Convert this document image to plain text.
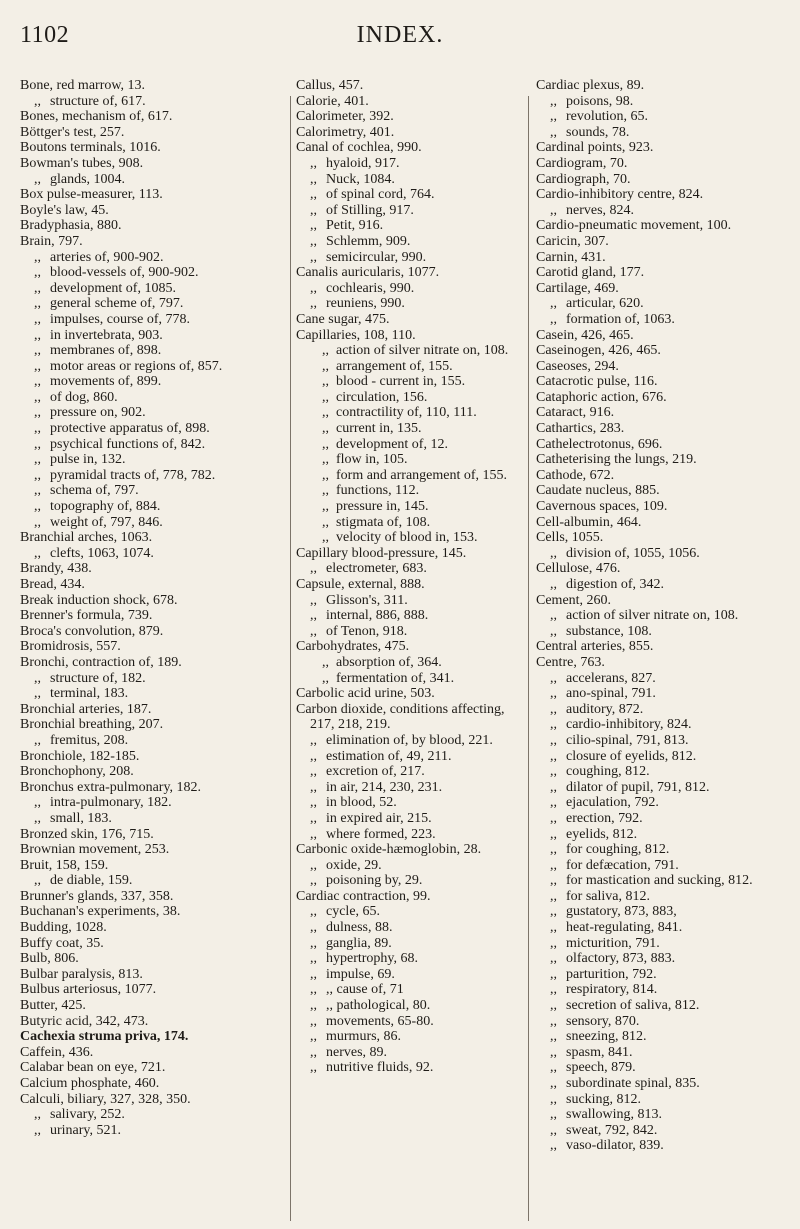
1102	INDEX.

Bone, red marrow, 13.

,, structure of, 617.

Bones, mechanism of, 617.

Böttger's test, 257.

Boutons terminals, 1016.

Bowman's tubes, 908.

,, glands, 1004.

Box pulse-measurer, 113.

Boyle's law, 45.

Bradyphasia, 880.

Brain, 797.

,, arteries of, 900-902.

,, blood-vessels of, 900-902.

,, development of, 1085.

,, general scheme of, 797.

,, impulses, course of, 778.

,, in invertebrata, 903.

,, membranes of, 898.

,, motor areas or regions of, 857.

,, movements of, 899.

,, of dog, 860.

,, pressure on, 902.

,, protective apparatus of, 898.

,, psychical functions of, 842.

,, pulse in, 132.

,, pyramidal tracts of, 778, 782.

,, schema of, 797.

,, topography of, 884.

,, weight of, 797, 846.

Branchial arches, 1063.

,, clefts, 1063, 1074.

Brandy, 438.

Bread, 434.

Break induction shock, 678.

Brenner's formula, 739.

Broca's convolution, 879.

Bromidrosis, 557.

Bronchi, contraction of, 189.

,, structure of, 182.

,, terminal, 183.

Bronchial arteries, 187.

Bronchial breathing, 207.

,, fremitus, 208.

Bronchiole, 182-185.

Bronchophony, 208.

Bronchus extra-pulmonary, 182.

,, intra-pulmonary, 182.

,, small, 183.

Bronzed skin, 176, 715.

Brownian movement, 253.

Bruit, 158, 159.

,, de diable, 159.

Brunner's glands, 337, 358.

Buchanan's experiments, 38.

Budding, 1028.

Buffy coat, 35.

Bulb, 806.

Bulbar paralysis, 813.

Bulbus arteriosus, 1077.

Butter, 425.

Butyric acid, 342, 473.

Cachexia struma priva, 174.

Caffein, 436.

Calabar bean on eye, 721.

Calcium phosphate, 460.

Calculi, biliary, 327, 328, 350.

,, salivary, 252.

,, urinary, 521.

Callus, 457.

Calorie, 401.

Calorimeter, 392.

Calorimetry, 401.

Canal of cochlea, 990.

,, hyaloid, 917.

,, Nuck, 1084.

,, of spinal cord, 764.

,, of Stilling, 917.

,, Petit, 916.

,, Schlemm, 909.

,, semicircular, 990.

Canalis auricularis, 1077.

,, cochlearis, 990.

,, reuniens, 990.

Cane sugar, 475.

Capillaries, 108, 110.

,, action of silver nitrate on, 108.

,, arrangement of, 155.

,, blood - current in, 155.

,, circulation, 156.

,, contractility of, 110, 111.

,, current in, 135.

,, development of, 12.

,, flow in, 105.

,, form and arrangement of, 155.

,, functions, 112.

,, pressure in, 145.

,, stigmata of, 108.

,, velocity of blood in, 153.

Capillary blood-pressure, 145.

,, electrometer, 683.

Capsule, external, 888.

,, Glisson's, 311.

,, internal, 886, 888.

,, of Tenon, 918.

Carbohydrates, 475.

,, absorption of, 364.

,, fermentation of, 341.

Carbolic acid urine, 503.

Carbon dioxide, conditions affecting, 217, 218, 219.

,, elimination of, by blood, 221.

,, estimation of, 49, 211.

,, excretion of, 217.

,, in air, 214, 230, 231.

,, in blood, 52.

,, in expired air, 215.

,, where formed, 223.

Carbonic oxide-hæmoglobin, 28.

,, oxide, 29.

,, poisoning by, 29.

Cardiac contraction, 99.

,, cycle, 65.

,, dulness, 88.

,, ganglia, 89.

,, hypertrophy, 68.

,, impulse, 69.

,, ,, cause of, 71

,, ,, pathological, 80.

,, movements, 65-80.

,, murmurs, 86.

,, nerves, 89.

,, nutritive fluids, 92.

Cardiac plexus, 89.

,, poisons, 98.

,, revolution, 65.

,, sounds, 78.

Cardinal points, 923.

Cardiogram, 70.

Cardiograph, 70.

Cardio-inhibitory centre, 824.

,, nerves, 824.

Cardio-pneumatic movement, 100.

Caricin, 307.

Carnin, 431.

Carotid gland, 177.

Cartilage, 469.

,, articular, 620.

,, formation of, 1063.

Casein, 426, 465.

Caseinogen, 426, 465.

Caseoses, 294.

Catacrotic pulse, 116.

Cataphoric action, 676.

Cataract, 916.

Cathartics, 283.

Cathelectrotonus, 696.

Catheterising the lungs, 219.

Cathode, 672.

Caudate nucleus, 885.

Cavernous spaces, 109.

Cell-albumin, 464.

Cells, 1055.

,, division of, 1055, 1056.

Cellulose, 476.

,, digestion of, 342.

Cement, 260.

,, action of silver nitrate on, 108.

,, substance, 108.

Central arteries, 855.

Centre, 763.

,, accelerans, 827.

,, ano-spinal, 791.

,, auditory, 872.

,, cardio-inhibitory, 824.

,, cilio-spinal, 791, 813.

,, closure of eyelids, 812.

,, coughing, 812.

,, dilator of pupil, 791, 812.

,, ejaculation, 792.

,, erection, 792.

,, eyelids, 812.

,, for coughing, 812.

,, for defæcation, 791.

,, for mastication and sucking, 812.

,, for saliva, 812.

,, gustatory, 873, 883,

,, heat-regulating, 841.

,, micturition, 791.

,, olfactory, 873, 883.

,, parturition, 792.

,, respiratory, 814.

,, secretion of saliva, 812.

,, sensory, 870.

,, sneezing, 812.

,, spasm, 841.

,, speech, 879.

,, subordinate spinal, 835.

,, sucking, 812.

,, swallowing, 813.

,, sweat, 792, 842.

,, vaso-dilator, 839.
